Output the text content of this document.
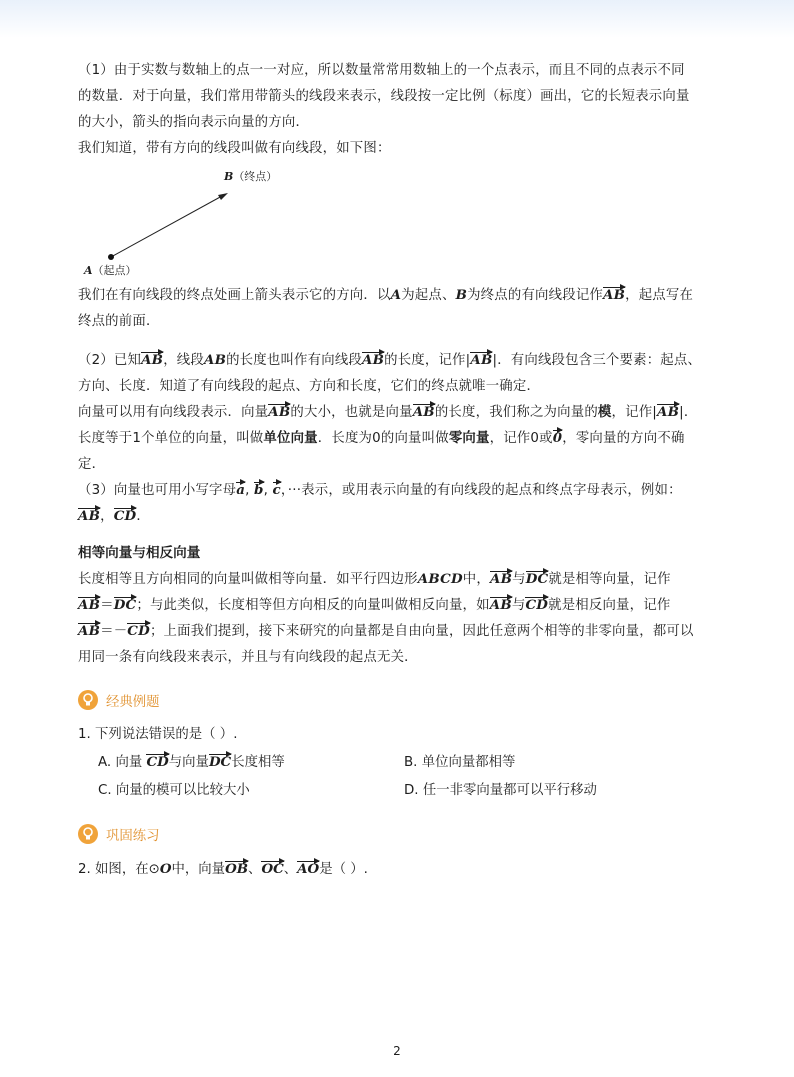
（1）由于实数与数轴上的点一一对应，所以数量常常用数轴上的一个点表示，而且不同的点表示不同
的数量．对于向量，我们常用带箭头的线段来表示，线段按一定比例（标度）画出，它的长短表示向量
的大小，箭头的指向表示向量的方向．
我们知道，带有方向的线段叫做有向线段，如下图：
B（终点）
A（起点）
我们在有向线段的终点处画上箭头表示它的方向．以A为起点、B为终点的有向线段记作AB，起点写在
终点的前面．
（2）已知AB，线段AB的长度也叫作有向线段AB的长度，记作|AB|．有向线段包含三个要素：起点、
方向、长度．知道了有向线段的起点、方向和长度，它们的终点就唯一确定．
向量可以用有向线段表示．向量AB的大小，也就是向量AB的长度，我们称之为向量的模，记作|AB|．
长度等于1个单位的向量，叫做单位向量．长度为0的向量叫做零向量，记作0或0，零向量的方向不确
定．
（3）向量也可用小写字母a, b, c，···表示，或用表示向量的有向线段的起点和终点字母表示，例如：
AB，CD．
相等向量与相反向量
长度相等且方向相同的向量叫做相等向量．如平行四边形ABCD中，AB与DC就是相等向量，记作
AB＝DC；与此类似，长度相等但方向相反的向量叫做相反向量，如AB与CD就是相反向量，记作
AB＝－CD；上面我们提到，接下来研究的向量都是自由向量，因此任意两个相等的非零向量，都可以
用同一条有向线段来表示，并且与有向线段的起点无关．
经典例题
1. 下列说法错误的是（ ）.
A. 向量 CD与向量DC长度相等	B. 单位向量都相等
C. 向量的模可以比较大小	D. 任一非零向量都可以平行移动
巩固练习
2. 如图，在⊙O中，向量OB、OC、AO是（ ）.
2
